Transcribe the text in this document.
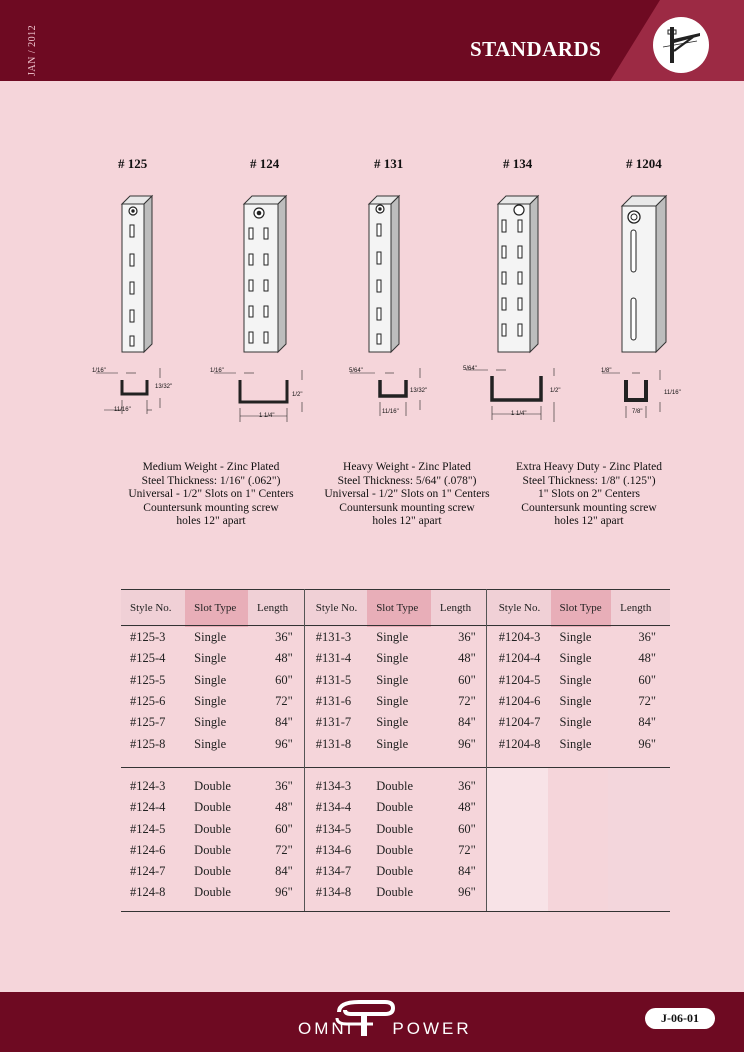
JAN / 2012	STANDARDS
# 125	# 124	# 131	# 134	# 1204
1/16"
13/32"
11/16"
1/16"
1/2"
1 1/4"
5/64"
13/32"
11/16"
5/64"
1/2"
1 1/4"
1/8"
11/16"
7/8"
Medium Weight - Zinc Plated
Steel Thickness: 1/16" (.062")
Universal - 1/2" Slots on 1" Centers
Countersunk mounting screw
holes 12" apart
Heavy Weight - Zinc Plated
Steel Thickness: 5/64" (.078")
Universal - 1/2" Slots on 1" Centers
Countersunk mounting screw
holes 12" apart
Extra Heavy Duty - Zinc Plated
Steel Thickness: 1/8" (.125")
1" Slots on 2" Centers
Countersunk mounting screw
holes 12" apart
Style No.	Slot Type	Length	Style No.	Slot Type	Length	Style No.	Slot Type	Length
#125-3	Single	36"	#131-3	Single	36"	#1204-3	Single	36"
#125-4	Single	48"	#131-4	Single	48"	#1204-4	Single	48"
#125-5	Single	60"	#131-5	Single	60"	#1204-5	Single	60"
#125-6	Single	72"	#131-6	Single	72"	#1204-6	Single	72"
#125-7	Single	84"	#131-7	Single	84"	#1204-7	Single	84"
#125-8	Single	96"	#131-8	Single	96"	#1204-8	Single	96"

#124-3	Double	36"	#134-3	Double	36"			
#124-4	Double	48"	#134-4	Double	48"			
#124-5	Double	60"	#134-5	Double	60"			
#124-6	Double	72"	#134-6	Double	72"			
#124-7	Double	84"	#134-7	Double	84"			
#124-8	Double	96"	#134-8	Double	96"			
OMNI POWER
J-06-01
